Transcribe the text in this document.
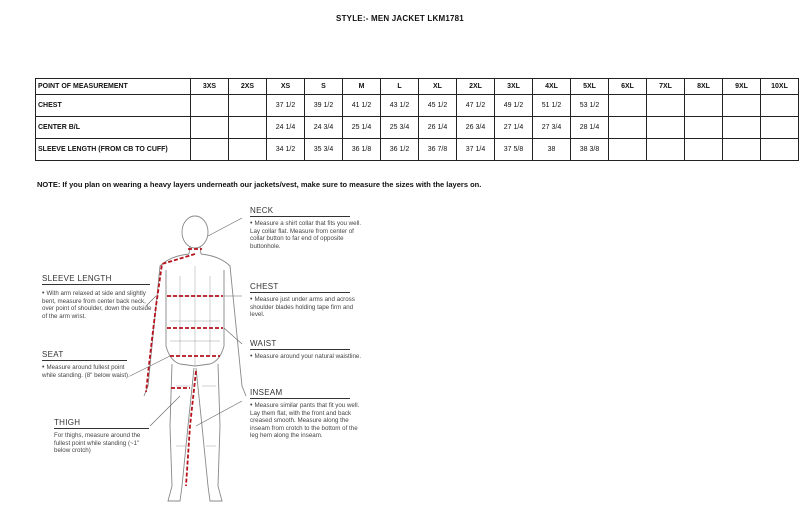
STYLE:- MEN JACKET LKM1781
POINT OF MEASUREMENT	3XS	2XS	XS	S	M	L	XL	2XL	3XL	4XL	5XL	6XL	7XL	8XL	9XL	10XL
CHEST			37 1/2	39 1/2	41 1/2	43 1/2	45 1/2	47 1/2	49 1/2	51 1/2	53 1/2					
CENTER B/L			24 1/4	24 3/4	25 1/4	25 3/4	26 1/4	26 3/4	27 1/4	27 3/4	28 1/4					
SLEEVE LENGTH (FROM CB TO CUFF)			34 1/2	35 3/4	36 1/8	36 1/2	36 7/8	37 1/4	37 5/8	38	38 3/8					
NOTE: If you plan on wearing a heavy layers underneath our jackets/vest, make sure to measure the sizes with the layers on.
NECK
• Measure a shirt collar that fits you well. Lay collar flat. Measure from center of collar button to far end of opposite buttonhole.
CHEST
• Measure just under arms and across shoulder blades holding tape firm and level.
WAIST
• Measure around your natural waistline.
INSEAM
• Measure similar pants that fit you well. Lay them flat, with the front and back creased smooth. Measure along the inseam from crotch to the bottom of the leg hem along the inseam.
SLEEVE LENGTH
• With arm relaxed at side and slightly bent, measure from center back neck, over point of shoulder, down the outside of the arm wrist.
SEAT
• Measure around fullest point while standing. (8" below waist).
THIGH
For thighs, measure around the fullest point while standing (~1" below crotch)
